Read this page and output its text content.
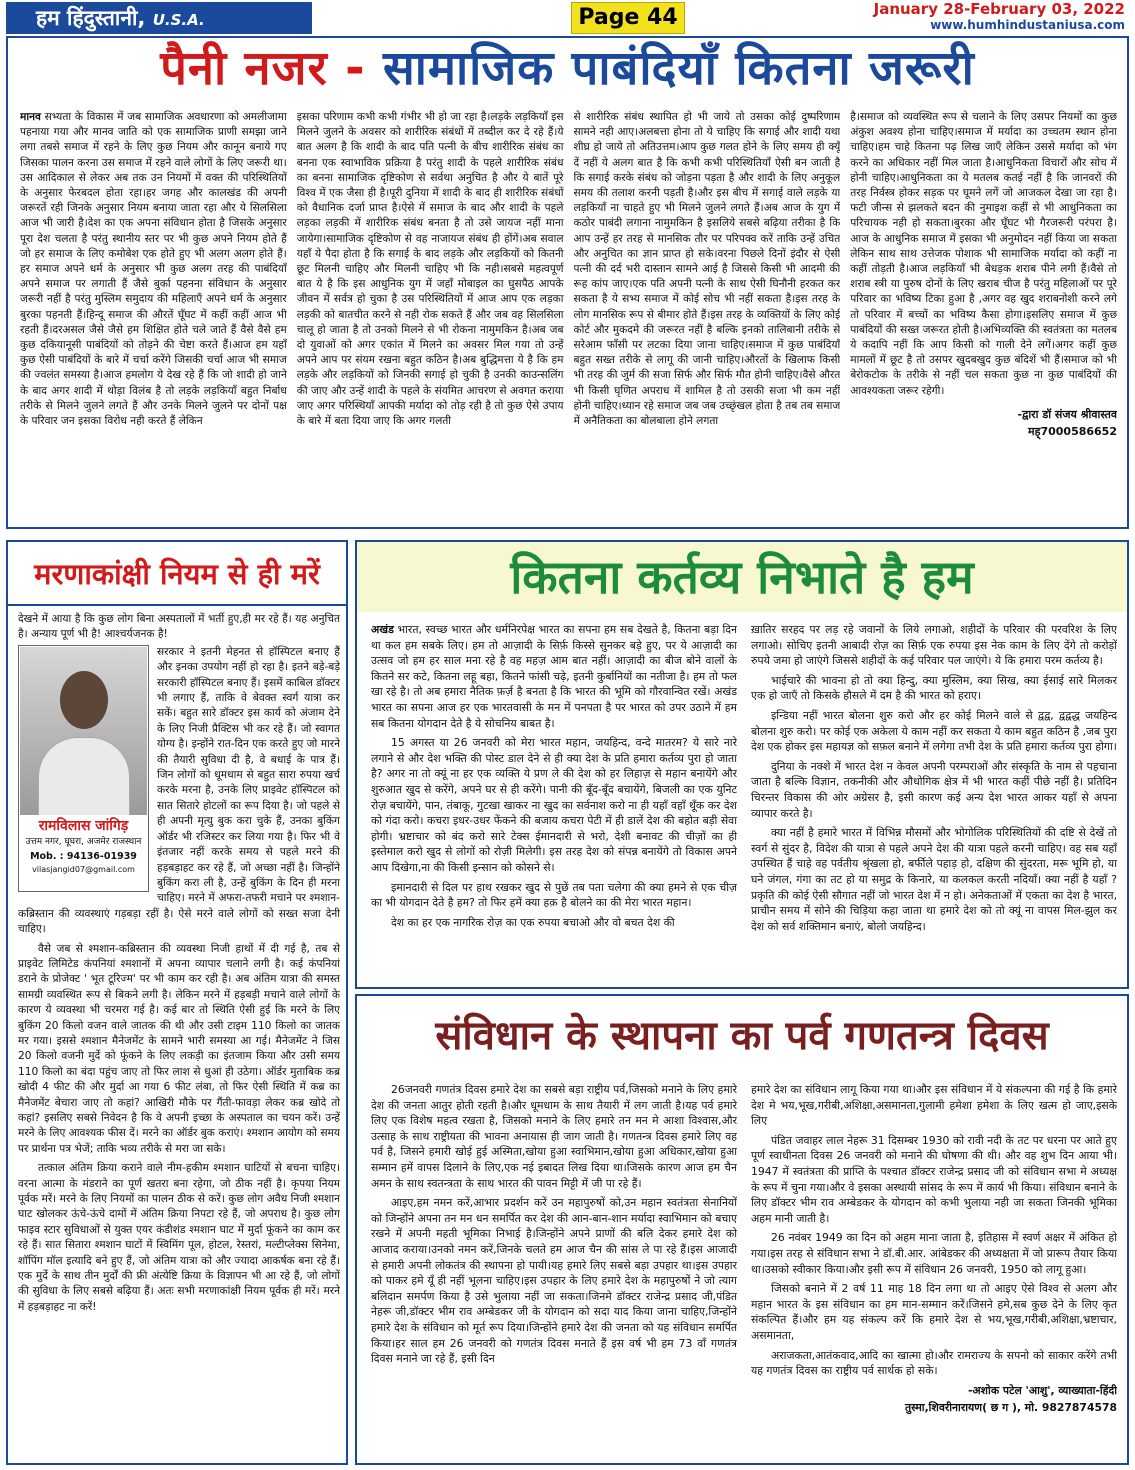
हम हिंदुस्तानी, U.S.A.	Page 44	January 28-February 03, 2022
www.humhindustaniusa.com
पैनी नजर - सामाजिक पाबंदियाँ कितना जरूरी
मानव सभ्यता के विकास में जब सामाजिक अवधारणा को अमलीजामा पहनाया गया और मानव जाति को एक सामाजिक प्राणी समझा जाने लगा तबसे समाज में रहने के लिए कुछ नियम और कानून बनाये गए जिसका पालन करना उस समाज में रहने वाले लोगों के लिए जरूरी था।उस आदिकाल से लेकर अब तक उन नियमों में वक्त की परिस्थितियों के अनुसार फेरबदल होता रहा।हर जगह और कालखंड की अपनी जरूरतें रही जिनके अनुसार नियम बनाया जाता रहा और ये सिलसिला आज भी जारी है।देश का एक अपना संविधान होता है जिसके अनुसार पूरा देश चलता है परंतु स्थानीय स्तर पर भी कुछ अपने नियम होते हैं जो हर समाज के लिए कमोबेश एक होते हुए भी अलग अलग होते हैं।हर समाज अपने धर्म के अनुसार भी कुछ अलग तरह की पाबंदियाँ अपने समाज पर लगाती हैं जैसे बुर्का पहनना संविधान के अनुसार जरूरी नहीं है परंतु मुस्लिम समुदाय की महिलाएँ अपने धर्म के अनुसार बुरका पहनती हैं।हिन्दू समाज की औरतें घूँघट में कहीं कहीं आज भी रहती हैं।दरअसल जैसे जैसे हम शिक्षित होते चले जाते हैं वैसे वैसे हम कुछ दकियानूसी पाबंदियों को तोड़ने की चेष्टा करते हैं।आज हम यहाँ कुछ ऐसी पाबंदियों के बारे में चर्चा करेंगे जिसकी चर्चा आज भी समाज की ज्वलंत समस्या है।आज हमलोग ये देख रहे हैं कि जो शादी हो जाने के बाद अगर शादी में थोड़ा विलंब है तो लड़के लड़कियाँ बहुत निर्बाध तरीके से मिलने जुलने लगते हैं और उनके मिलने जुलने पर दोनों पक्ष के परिवार जन इसका विरोध नही करते हैं लेकिन
इसका परिणाम कभी कभी गंभीर भी हो जा रहा है।लड़के लड़कियाँ इस मिलने जुलने के अवसर को शारीरिक संबंधों में तब्दील कर दे रहे हैं।ये बात अलग है कि शादी के बाद पति पत्नी के बीच शारीरिक संबंध का बनना एक स्वाभाविक प्रक्रिया है परंतु शादी के पहले शारीरिक संबंध का बनना सामाजिक दृष्टिकोण से सर्वथा अनुचित है और ये बातें पूरे विश्व में एक जैसा ही है।पूरी दुनिया में शादी के बाद ही शारीरिक संबंधों को वैधानिक दर्जा प्राप्त है।ऐसे में समाज के बाद और शादी के पहले लड़का लड़की में शारीरिक संबंध बनता है तो उसे जायज नहीं माना जायेगा।सामाजिक दृष्टिकोण से वह नाजायज संबंध ही होंगें।अब सवाल यहाँ ये पैदा होता है कि सगाई के बाद लड़के और लड़कियों को कितनी छूट मिलनी चाहिए और मिलनी चाहिए भी कि नही।सबसे महत्वपूर्ण बात ये है कि इस आधुनिक युग में जहाँ मोबाइल का घुसपैठ आपके जीवन में सर्वत्र हो चुका है उस परिस्थितियों में आज आप एक लड़का लड़की को बातचीत करने से नही रोक सकते हैं और जब वह सिलसिला चालू हो जाता है तो उनको मिलने से भी रोकना नामुमकिन है।अब जब दो युवाओं को अगर एकांत में मिलने का अवसर मिल गया तो उन्हें अपने आप पर संयम रखना बहुत कठिन है।अब बुद्धिमत्ता ये है कि हम लड़के और लड़कियों को जिनकी सगाई हो चुकी है उनकी काउन्सलिंग की जाए और उन्हें शादी के पहले के संयमित आचरण से अवगत कराया जाए अगर परिस्थियाँ आपकी मर्यादा को तोड़ रही है तो कुछ ऐसे उपाय के बारे में बता दिया जाए कि अगर गलती
से शारीरिक संबंध स्थापित हो भी जाये तो उसका कोई दुष्परिणाम सामने नही आए।अलबत्ता होना तो ये चाहिए कि सगाई और शादी यथा शीघ्र हो जाये तो अतिउत्तम।आप कुछ गलत होने के लिए समय ही क्यूँ दें नहीं ये अलग बात है कि कभी कभी परिस्थितियाँ ऐसी बन जाती है कि सगाई करके संबंध को जोड़ना पड़ता है और शादी के लिए अनुकूल समय की तलाश करनी पड़ती है।और इस बीच में सगाई वाले लड़के या लड़कियाँ ना चाहते हुए भी मिलने जुलने लगते हैं।अब आज के युग में कठोर पाबंदी लगाना नामुमकिन है इसलिये सबसे बढ़िया तरीका है कि आप उन्हें हर तरह से मानसिक तौर पर परिपक्व करें ताकि उन्हें उचित और अनुचित का ज्ञान प्राप्त हो सके।वरना पिछले दिनों इंदौर से ऐसी पत्नी की दर्द भरी दास्तान सामने आई है जिससे किसी भी आदमी की रूह कांप जाए।एक पति अपनी पत्नी के साथ ऐसी घिनौनी हरकत कर सकता है ये सभ्य समाज में कोई सोच भी नहीं सकता है।इस तरह के लोग मानसिक रूप से बीमार होते हैं।इस तरह के व्यक्तियों के लिए कोई कोर्ट और मुकदमे की जरूरत नहीं है बल्कि इनको तालिबानी तरीके से सरेआम फाँसी पर लटका दिया जाना चाहिए।समाज में कुछ पाबंदियाँ बहुत सख्त तरीके से लागू की जानी चाहिए।औरतों के खिलाफ किसी भी तरह की जुर्म की सजा सिर्फ और सिर्फ मौत होनी चाहिए।वैसे औरत भी किसी घृणित अपराध में शामिल है तो उसकी सजा भी कम नहीं होनी चाहिए।ध्यान रहे समाज जब जब उच्छृंखल होता है तब तब समाज में अनैतिकता का बोलबाला होने लगता
है।समाज को व्यवस्थित रूप से चलाने के लिए उसपर नियमों का कुछ अंकुश अवश्य होना चाहिए।समाज में मर्यादा का उच्चतम स्थान होना चाहिए।हम चाहे कितना पढ़ लिख जाएँ लेकिन उससे मर्यादा को भंग करने का अधिकार नहीं मिल जाता है।आधुनिकता विचारों और सोच में होनी चाहिए।आधुनिकता का ये मतलब कतई नहीं है कि जानवरों की तरह निर्वस्त्र होकर सड़क पर घूमने लगें जो आजकल देखा जा रहा है।फटी जीन्स से झलकते बदन की नुमाइश कहीं से भी आधुनिकता का परिचायक नही हो सकता।बुरका और घूँघट भी गैरजरूरी परंपरा है।आज के आधुनिक समाज में इसका भी अनुमोदन नहीं किया जा सकता लेकिन साथ साथ उत्तेजक पोशाक भी सामाजिक मर्यादा को कहीं ना कहीं तोड़ती है।आज लड़कियाँ भी बेधड़क शराब पीने लगी हैं।वैसे तो शराब स्त्री या पुरुष दोनों के लिए खराब चीज है परंतु महिलाओं पर पूरे परिवार का भविष्य टिका हुआ है ,अगर वह खुद शराबनोशी करने लगे तो परिवार में बच्चों का भविष्य कैसा होगा।इसलिए समाज में कुछ पाबंदियों की सख्त जरूरत होती है।अभिव्यक्ति की स्वतंत्रता का मतलब ये कदापि नहीं कि आप किसी को गाली देने लगें।अगर कहीं कुछ मामलों में छूट है तो उसपर खुदबखुद कुछ बंदिशें भी हैं।समाज को भी बेरोकटोक के तरीके से नहीं चल सकता कुछ ना कुछ पाबंदियों की आवश्यकता जरूर रहेगी।
-द्वारा डॉ संजय श्रीवास्तव
मह्7000586652
मरणाकांक्षी नियम से ही मरें
देखने में आया है कि कुछ लोग बिना अस्पतालों में भर्ती हुए,ही मर रहे हैं। यह अनुचित है। अन्याय पूर्ण भी है! आश्चर्यजनक है!
रामविलास जांगिड़
उत्तम नगर, घूघरा, अजमेर राजस्थान
Mob. : 94136-01939
vilasjangid07@gmail.com
सरकार ने इतनी मेहनत से हॉस्पिटल बनाए हैं और इनका उपयोग नहीं हो रहा है। इतने बड़े-बड़े सरकारी हॉस्पिटल बनाए हैं। इसमें काबिल डॉक्टर भी लगाए हैं, ताकि वे बेवक्त स्वर्ग यात्रा कर सकें। बहुत सारे डॉक्टर इस कार्य को अंजाम देने के लिए निजी प्रैक्टिस भी कर रहे हैं। जो स्वागत योग्य है। इन्होंने रात-दिन एक करते हुए जो मारने की तैयारी सुविधा दी है, वे बधाई के पात्र हैं। जिन लोगों को धूमधाम से बहुत सारा रुपया खर्च करके मरना है, उनके लिए प्राइवेट हॉस्पिटल को सात सितारे होटलों का रूप दिया है। जो पहले से ही अपनी मृत्यु बुक करा चुके हैं, उनका बुकिंग ऑर्डर भी रजिस्टर कर लिया गया है। फिर भी वे इंतजार नहीं करके समय से पहले मरने की हड़बड़ाहट कर रहे हैं, जो अच्छा नहीं है। जिन्होंने बुकिंग करा ली है, उन्हें बुकिंग के दिन ही मरना चाहिए। मरने में अफरा-तफरी मचाने पर श्मशान-कब्रिस्तान की व्यवस्थाएं गड़बड़ा रहीं है। ऐसे मरने वाले लोगों को सख्त सजा देनी चाहिए।
वैसे जब से श्मशान-कब्रिस्तान की व्यवस्था निजी हाथों में दी गई है, तब से प्राइवेट लिमिटेड कंपनियां श्मशानों में अपना व्यापार चलाने लगी है। कई कंपनियां डराने के प्रोजेक्ट ' भूत टूरिज्म' पर भी काम कर रही है। अब अंतिम यात्रा की समस्त सामग्री व्यवस्थित रूप से बिकने लगी है। लेकिन मरने में हड़बड़ी मचाने वाले लोगों के कारण ये व्यवस्था भी चरमरा गई है। कई बार तो स्थिति ऐसी हुई कि मरने के लिए बुकिंग 20 किलो वजन वाले जातक की थी और उसी टाइम 110 किलो का जातक मर गया। इससे श्मशान मैनेजमेंट के सामने भारी समस्या आ गई। मैनेजमेंट ने जिस 20 किलो वजनी मुर्दे को फूंकने के लिए लकड़ी का इंतजाम किया और उसी समय 110 किलो का बंदा पहुंच जाए तो फिर लाश से धुआं ही उठेगा। ऑर्डर मुताबिक कब्र खोदी 4 फीट की और मुर्दा आ गया 6 फीट लंबा, तो फिर ऐसी स्थिति में कब्र का मैनेजमेंट बेचारा जाए तो कहां? आखिरी मौके पर गैंती-फावड़ा लेकर कब्र खोदे तो कहां? इसलिए सबसे निवेदन है कि वे अपनी इच्छा के अस्पताल का चयन करें। उन्हें मरने के लिए आवश्यक फीस दें। मरने का ऑर्डर बुक कराएं। श्मशान आयोग को समय पर प्रार्थना पत्र भेजें; ताकि भव्य तरीके से मरा जा सके।
तत्काल अंतिम क्रिया कराने वाले नीम-हकीम श्मशान घाटियों से बचना चाहिए। वरना आत्मा के मंडराने का पूर्ण खतरा बना रहेगा, जो ठीक नहीं है। कृपया नियम पूर्वक मरें। मरने के लिए नियमों का पालन ठीक से करें। कुछ लोग अवैध निजी श्मशान घाट खोलकर ऊंचे-ऊंचे दामों में अंतिम क्रिया निपटा रहे हैं, जो अपराध है। कुछ लोग फाइव स्टार सुविधाओं से युक्त एयर कंडीशंड श्मशान घाट में मुर्दा फूंकने का काम कर रहे हैं। सात सितारा श्मशान घाटों में स्विमिंग पूल, होटल, रेस्तरां, मल्टीप्लेक्स सिनेमा, शॉपिंग मॉल इत्यादि बने हुए हैं, जो अंतिम यात्रा को और ज्यादा आकर्षक बना रहे हैं। एक मुर्दे के साथ तीन मुर्दों की फ्री अंत्येष्टि क्रिया के विज्ञापन भी आ रहे हैं, जो लोगों की सुविधा के लिए सबसे बढ़िया हैं। अतः सभी मरणाकांक्षी नियम पूर्वक ही मरें। मरने में हड़बड़ाहट ना करें!
कितना कर्तव्य निभाते है हम
अखंड भारत, स्वच्छ भारत और धर्मनिरपेक्ष भारत का सपना हम सब देखते है, कितना बड़ा दिन था कल हम सबके लिए। हम तो आज़ादी के सिर्फ़ किस्से सुनकर बड़े हुए, पर ये आज़ादी का उत्सव जो हम हर साल मना रहे है वह महज़ आम बात नहीं। आज़ादी का बीज बोने वालों के कितने सर कटे, कितना लहू बहा, कितने फांसी चढ़े, इतनी कुर्बानियों का नतीजा है। हम तो फल खा रहे है। तो अब हमारा नैतिक फ़र्ज़ है बनता है कि भारत की भूमि को गौरवान्वित रखें। अखंड भारत का सपना आज हर एक भारतवासी के मन में पनपता है पर भारत को उपर उठाने में हम सब कितना योगदान देते है ये सोचनिय बाबत है।
15 अगस्त या 26 जनवरी को मेरा भारत महान, जयहिन्द, वन्दे मातरम? ये सारे नारे लगाने से और देश भक्ति की पोस्ट डाल देने से ही क्या देश के प्रति हमारा कर्तव्य पुरा हो जाता है? अगर ना तो क्यूं ना हर एक व्यक्ति ये प्रण ले की देश को हर लिहाज़ से महान बनायेंगे और शुरुआत खुद से करेंगे, अपने घर से ही करेंगे। पानी की बूँद-बूँद बचायेंगे, बिजली का एक युनिट रोज़ बचायेंगे, पान, तंबाकू, गुटखा खाकर ना खुद का सर्वनाश करो ना ही यहाँ वहाँ थूँक कर देश को गंदा करो। कचरा इधर-उधर फेंकने की बजाय कचरा पेटी में ही डालें देश की बहोत बड़ी सेवा होगी। भ्रष्टाचार को बंद करो सारे टेक्स ईमानदारी से भरो, देशी बनावट की चीज़ों का ही इस्तेमाल करो खुद से लोगों को रोज़ी मिलेगी। इस तरह देश को संपन्न बनायेंगे तो विकास अपने आप दिखेगा,ना की किसी इन्सान को कोसने से।
इमानदारी से दिल पर हाथ रखकर खुद से पुछें तब पता चलेगा की क्या हमने से एक चीज़ का भी योगदान देते है हम? तो फिर हमें क्या हक़ है बोलने का की मेरा भारत महान।
देश का हर एक नागरिक रोज़ का एक रुपया बचाओ और वो बचत देश की
ख़ातिर सरहद पर लड़ रहे जवानों के लिये लगाओ, शहीदों के परिवार की परवरिश के लिए लगाओ। सोचिए इतनी आबादी रोज़ का सिर्फ़ एक रुपया इस नेक काम के लिए देंगे तो करोड़ों रुपये जमा हो जाएंगे जिससे शहीदों के कई परिवार पल जाएंगे। ये कि हमारा परम कर्तव्य है।
भाईचारे की भावना हो तो क्या हिन्दु, क्या मुस्लिम, क्या सिख, क्या ईसाई सारे मिलकर एक हो जाएँ तो किसके हौसले में दम है की भारत को हराए।
इन्डिया नहीं भारत बोलना शुरु करो और हर कोई मिलने वाले से द्वद्व, द्वद्वद्ध जयहिन्द बोलना शुरु करो। पर कोई एक अकेला ये काम नहीं कर सकता ये काम बहुत कठिन है ,जब पुरा देश एक होकर इस महायज्ञ को सफ़ल बनाने में लगेगा तभी देश के प्रति हमारा कर्तव्य पुरा होगा।
दुनिया के नक्शे में भारत देश न केवल अपनी परम्पराओं और संस्कृति के नाम से पहचाना जाता है बल्कि विज्ञान, तकनीकी और औधोगिक क्षेत्र में भी भारत कहीं पीछे नहीं है। प्रतिदिन चिरन्तर विकास की ओर अग्रेसर है, इसी कारण कई अन्य देश भारत आकर यहाँ से अपना व्यापार करते है।
क्या नहीं है हमारे भारत में विभिन्न मौसमों और भोगोलिक परिस्थितियों की दष्टि से देखें तो स्वर्ग से सुंदर है, विदेश की यात्रा से पहले अपने देश की यात्रा पहले करनी चाहिए। वह सब यहाँ उपस्थित हैं चाहे वह पर्वतीय श्रृंखला हो, बर्फीले पहाड़ हो, दक्षिण की सुंदरता, मरू भूमि हो, या घने जंगल, गंगा का तट हो या समुद्र के किनारे, या कलकल करती नदियाँ। क्या नहीं है यहाँ ? प्रकृति की कोई ऐसी सौगात नहीं जो भारत देश में न हो। अनेकताओं में एकता का देश है भारत, प्राचीन समय में सोने की चिड़िया कहा जाता था हमारे देश को तो क्यूं ना वापस मिल-झुल कर देश को सर्व शक्तिमान बनाएं, बोलो जयहिन्द।
संविधान के स्थापना का पर्व गणतन्त्र दिवस
26जनवरी गणतंत्र दिवस हमारे देश का सबसे बड़ा राष्ट्रीय पर्व,जिसको मनाने के लिए हमारे देश की जनता आतुर होती रहती है।और धूमधाम के साथ तैयारी में लग जाती है।यह पर्व हमारे लिए एक विशेष महत्व रखता है, जिसको मनाने के लिए हमारे तन मन मे आशा विश्वास,और उत्साह के साथ राष्ट्रीयता की भावना अनायास ही जाग जाती है। गणतन्त्र दिवस हमारे लिए वह पर्व है, जिसने हमारी खोई हुई अस्मिता,खोया हुआ स्वाभिमान,खोया हुआ अधिकार,खोया हुआ सम्मान हमें वापस दिलाने के लिए,एक नई इबादत लिख दिया था।जिसके कारण आज हम चैन अमन के साथ स्वतन्त्रता के साथ भारत की पावन मिट्टी में जी पा रहे हैं।
आइए,हम नमन करें,आभार प्रदर्शन करें उन महापुरुषों को,उन महान स्वतंत्रता सेनानियों को जिन्होंने अपना तन मन धन समर्पित कर देश की आन-बान-शान मर्यादा स्वाभिमान को बचाए रखने में अपनी महती भूमिका निभाई है।जिन्होंने अपने प्राणों की बलि देकर हमारे देश को आजाद कराया।उनको नमन करें,जिनके चलते हम आज चैन की सांस ले पा रहे हैं।इस आजादी से हमारी अपनी लोकतंत्र की स्थापना हो पायी।यह हमारे लिए सबसे बड़ा उपहार था।इस उपहार को पाकर हमे यूँ ही नहीं भूलना चाहिए।इस उपहार के लिए हमारे देश के महापुरुषों ने जो त्याग बलिदान समर्पण किया है उसे भुलाया नहीं जा सकता।जिनमे डॉक्टर राजेन्द्र प्रसाद जी,पंडित नेहरू जी,डॉक्टर भीम राव अम्बेडकर जी के योगदान को सदा याद किया जाना चाहिए,जिन्होंने हमारे देश के संविधान को मूर्त रूप दिया।जिन्होंने हमारे देश की जनता को यह संविधान समर्पित किया।हर साल हम 26 जनवरी को गणतंत्र दिवस मनाते हैं इस वर्ष भी हम 73 वाँ गणतंत्र दिवस मनाने जा रहे हैं, इसी दिन
हमारे देश का संविधान लागू किया गया था।और इस संविधान में ये संकल्पना की गई है कि हमारे देश मे भय,भूख,गरीबी,अशिक्षा,असमानता,गुलामी हमेशा हमेशा के लिए खत्म हो जाए,इसके लिए
पंडित जवाहर लाल नेहरू 31 दिसम्बर 1930 को रावी नदी के तट पर धरना पर आते हुए पूर्ण स्वाधीनता दिवस 26 जनवरी को मनाने की घोषणा की थी। और वह शुभ दिन आया भी। 1947 में स्वतंत्रता की प्राप्ति के पश्चात डॉक्टर राजेन्द्र प्रसाद जी को संविधान सभा मे अध्यक्ष के रूप में चुना गया।और वे इसका अस्थायी सांसद के रूप में कार्य भी किया। संविधान बनाने के लिए डॉक्टर भीम राव अम्बेडकर के योगदान को कभी भुलाया नही जा सकता जिनकी भूमिका अहम मानी जाती है।
26 नवंबर 1949 का दिन को अहम माना जाता है, इतिहास में स्वर्ण अक्षर में अंकित हो गया।इस तरह से संविधान सभा ने डॉ.बी.आर. आंबेडकर की अध्यक्षता में जो प्रारूप तैयार किया था।उसको स्वीकार किया।और इसी रूप में संविधान 26 जनवरी, 1950 को लागू हुआ।
जिसको बनाने में 2 वर्ष 11 माह 18 दिन लगा था तो आइए ऐसे विश्व से अलग और महान भारत के इस संविधान का हम मान-सम्मान करें।जिसने हमे,सब कुछ देने के लिए कृत संकल्पित हैं।और हम यह संकल्प करें कि हमारे देश से भय,भूख,गरीबी,अशिक्षा,भ्रष्टाचार, असमानता,
अराजकता,आतंकवाद,आदि का खात्मा हो।और रामराज्य के सपनो को साकार करेंगे तभी यह गणतंत्र दिवस का राष्ट्रीय पर्व सार्थक हो सके।
-अशोक पटेल 'आशु', व्याख्याता-हिंदी
तुस्मा,शिवरीनारायण( छ ग ), मो. 9827874578
